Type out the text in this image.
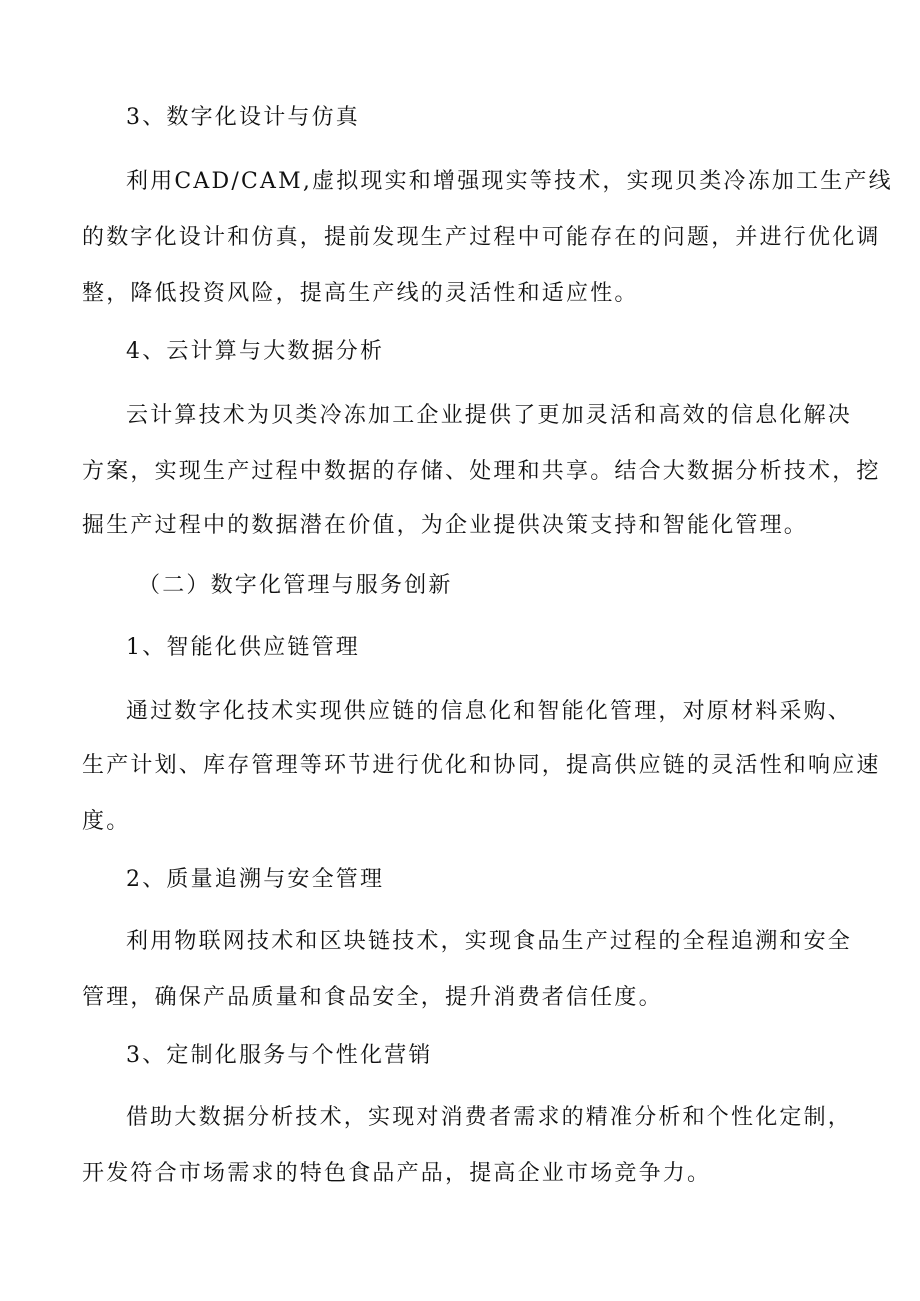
3、数字化设计与仿真
利用CAD/CAM,虚拟现实和增强现实等技术，实现贝类冷冻加工生产线
的数字化设计和仿真，提前发现生产过程中可能存在的问题，并进行优化调
整，降低投资风险，提高生产线的灵活性和适应性。
4、云计算与大数据分析
云计算技术为贝类冷冻加工企业提供了更加灵活和高效的信息化解决
方案，实现生产过程中数据的存储、处理和共享。结合大数据分析技术，挖
掘生产过程中的数据潜在价值，为企业提供决策支持和智能化管理。
（二）数字化管理与服务创新
1、智能化供应链管理
通过数字化技术实现供应链的信息化和智能化管理，对原材料采购、
生产计划、库存管理等环节进行优化和协同，提高供应链的灵活性和响应速
度。
2、质量追溯与安全管理
利用物联网技术和区块链技术，实现食品生产过程的全程追溯和安全
管理，确保产品质量和食品安全，提升消费者信任度。
3、定制化服务与个性化营销
借助大数据分析技术，实现对消费者需求的精准分析和个性化定制，
开发符合市场需求的特色食品产品，提高企业市场竞争力。
